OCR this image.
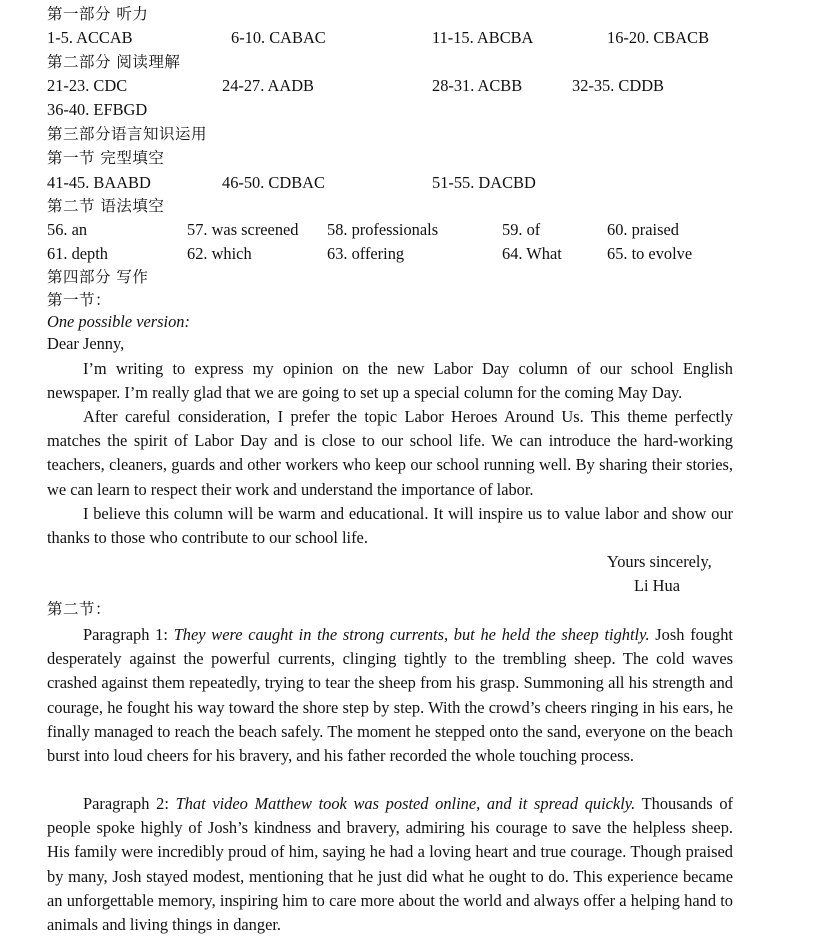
第一部分 听力
1-5. ACCAB	6-10. CABAC	11-15. ABCBA	16-20. CBACB
第二部分 阅读理解
21-23. CDC	24-27. AADB	28-31. ACBB	32-35. CDDB
36-40. EFBGD
第三部分语言知识运用
第一节 完型填空
41-45. BAABD	46-50. CDBAC	51-55. DACBD
第二节 语法填空
56. an	57. was screened 58. professionals	59. of	60. praised
61. depth	62. which	63. offering	64. What	65. to evolve
第四部分 写作
第一节：
One possible version:
Dear Jenny,
I’m writing to express my opinion on the new Labor Day column of our school English newspaper. I’m really glad that we are going to set up a special column for the coming May Day.
After careful consideration, I prefer the topic Labor Heroes Around Us. This theme perfectly matches the spirit of Labor Day and is close to our school life. We can introduce the hard-working teachers, cleaners, guards and other workers who keep our school running well. By sharing their stories, we can learn to respect their work and understand the importance of labor.
I believe this column will be warm and educational. It will inspire us to value labor and show our thanks to those who contribute to our school life.
Yours sincerely,
Li Hua
第二节：
Paragraph 1: They were caught in the strong currents, but he held the sheep tightly. Josh fought desperately against the powerful currents, clinging tightly to the trembling sheep. The cold waves crashed against them repeatedly, trying to tear the sheep from his grasp. Summoning all his strength and courage, he fought his way toward the shore step by step. With the crowd’s cheers ringing in his ears, he finally managed to reach the beach safely. The moment he stepped onto the sand, everyone on the beach burst into loud cheers for his bravery, and his father recorded the whole touching process.
Paragraph 2: That video Matthew took was posted online, and it spread quickly. Thousands of people spoke highly of Josh’s kindness and bravery, admiring his courage to save the helpless sheep. His family were incredibly proud of him, saying he had a loving heart and true courage. Though praised by many, Josh stayed modest, mentioning that he just did what he ought to do. This experience became an unforgettable memory, inspiring him to care more about the world and always offer a helping hand to animals and living things in danger.
